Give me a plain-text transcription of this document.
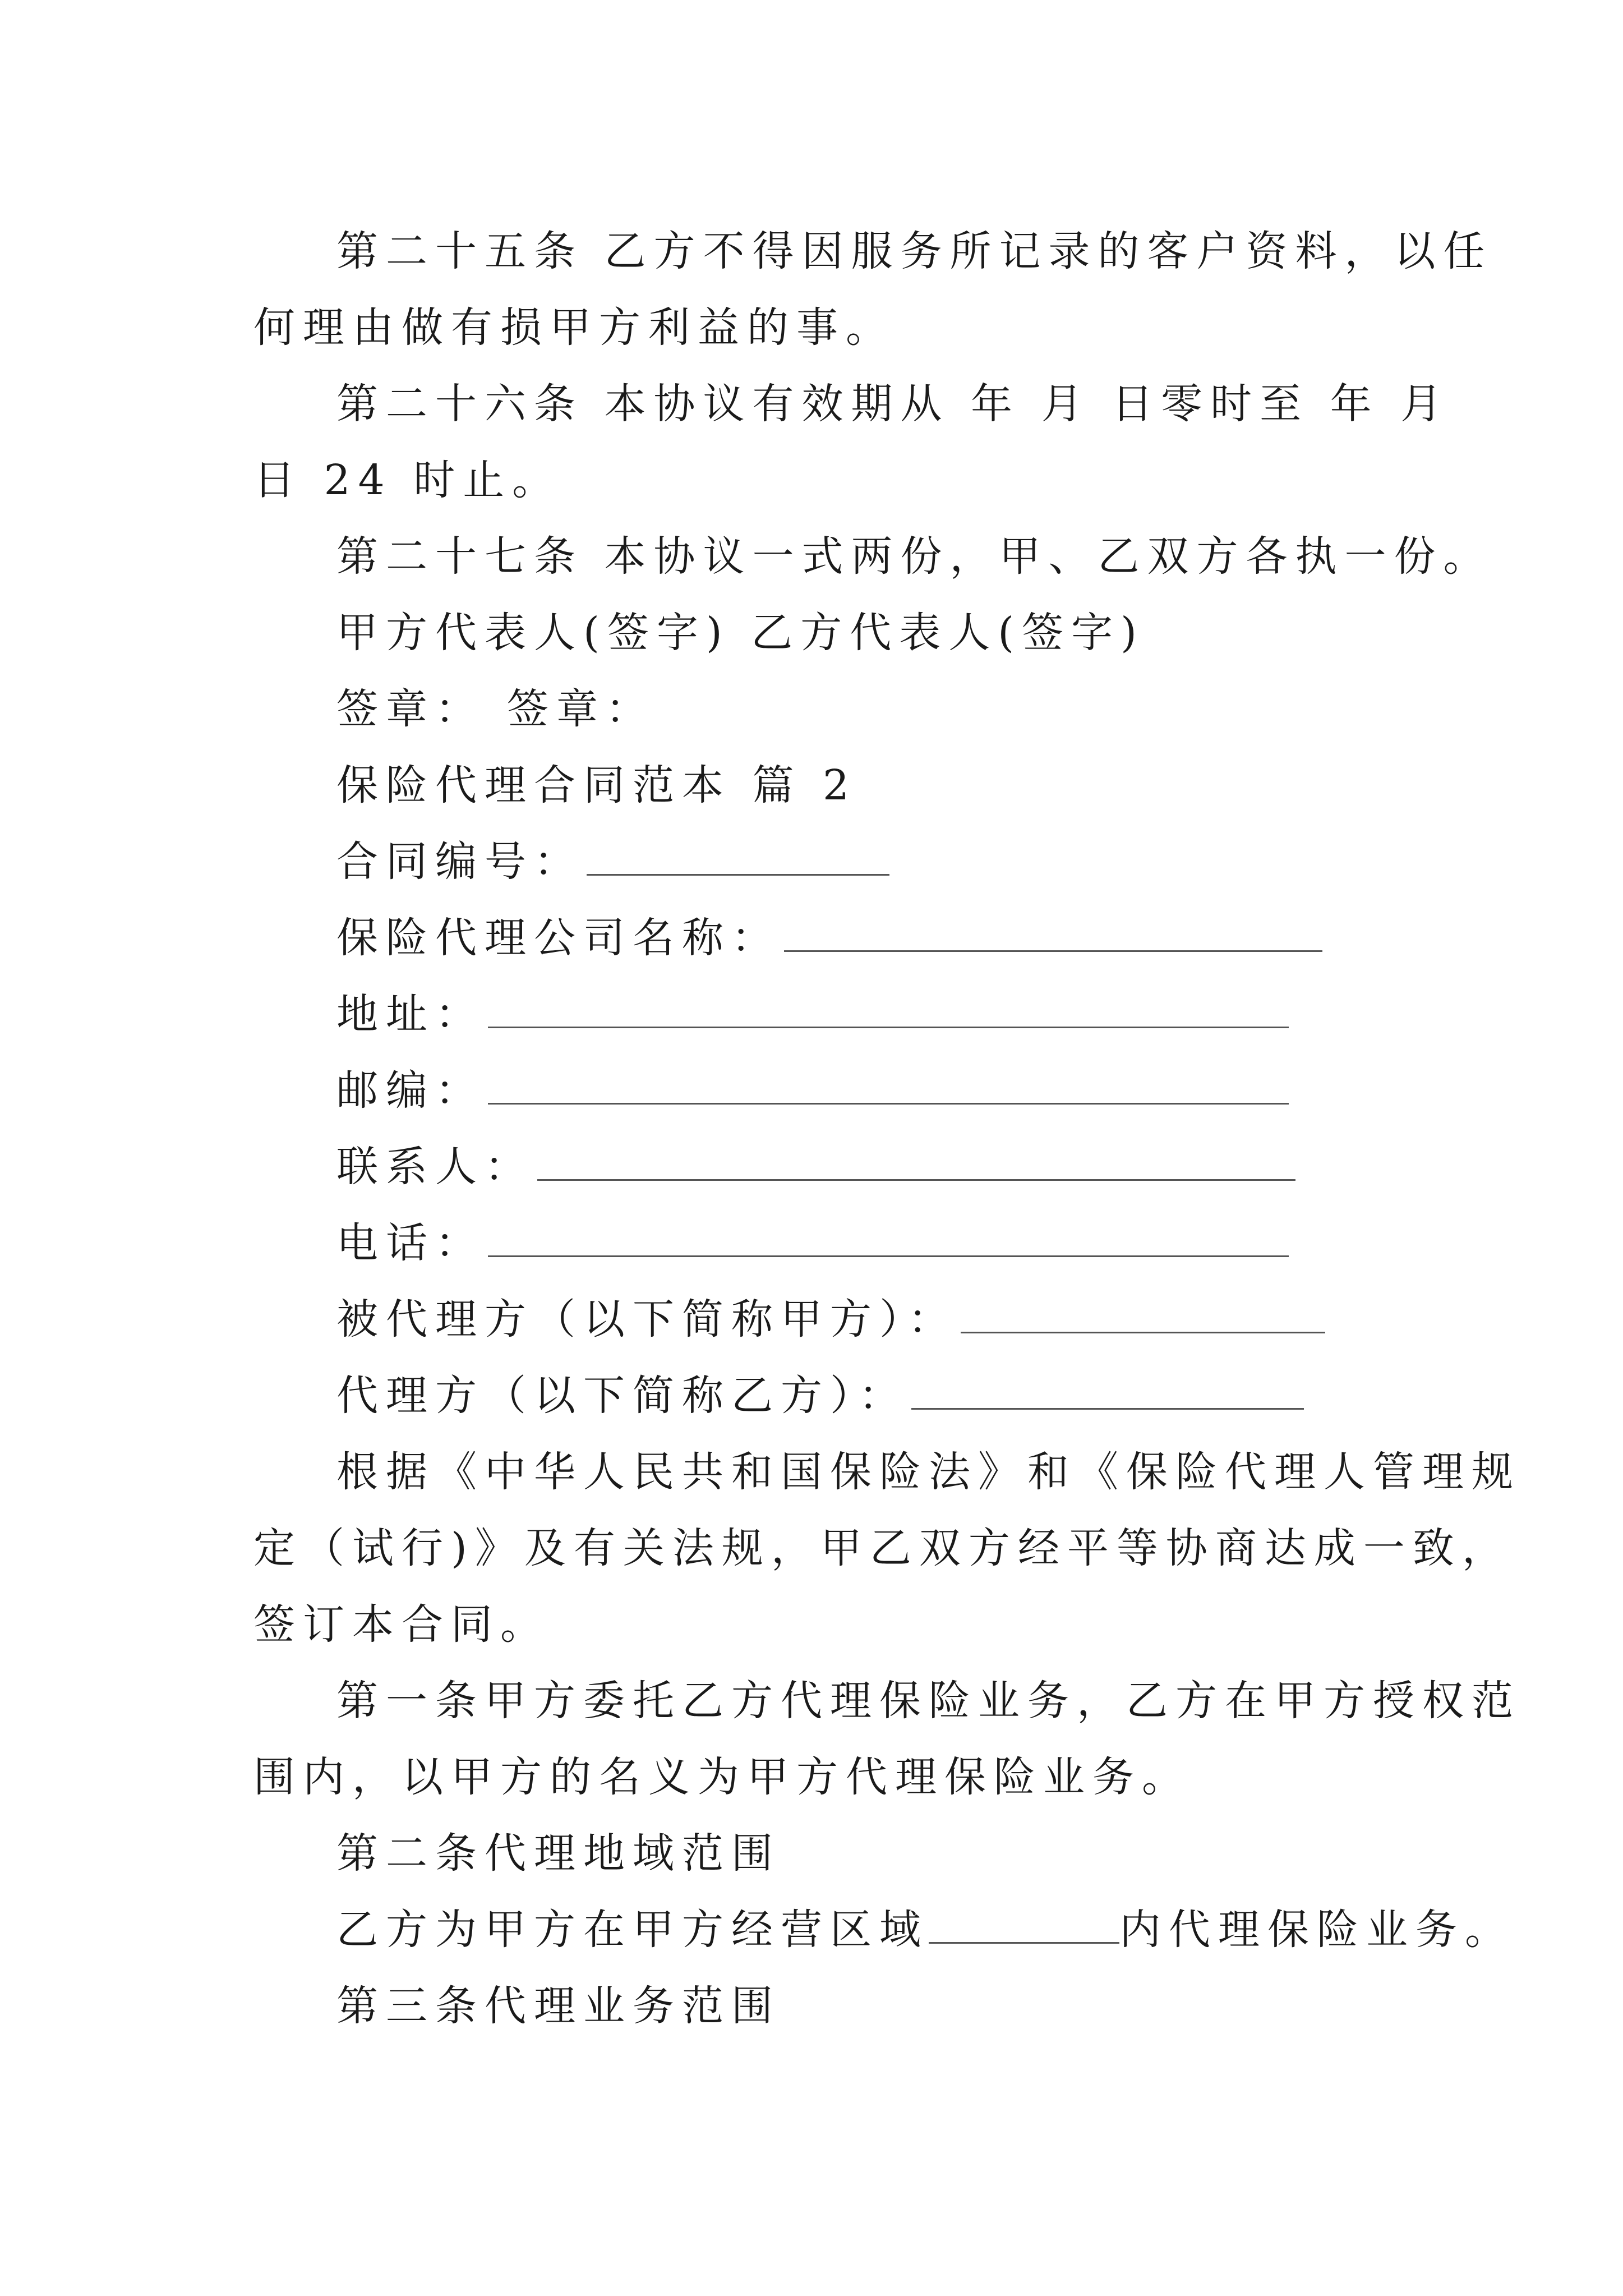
第二十五条 乙方不得因服务所记录的客户资料，以任

何理由做有损甲方利益的事。

第二十六条 本协议有效期从 年 月 日零时至 年 月

日 24 时止。

第二十七条 本协议一式两份，甲、乙双方各执一份。

甲方代表人(签字) 乙方代表人(签字)

签章： 签章：

保险代理合同范本 篇 2

合同编号：

保险代理公司名称：

地址：

邮编：

联系人：

电话：

被代理方（以下简称甲方）：

代理方（以下简称乙方）：

根据《中华人民共和国保险法》和《保险代理人管理规

定（试行)》及有关法规，甲乙双方经平等协商达成一致，

签订本合同。

第一条甲方委托乙方代理保险业务，乙方在甲方授权范

围内，以甲方的名义为甲方代理保险业务。

第二条代理地域范围

乙方为甲方在甲方经营区域	内代理保险业务。

第三条代理业务范围
